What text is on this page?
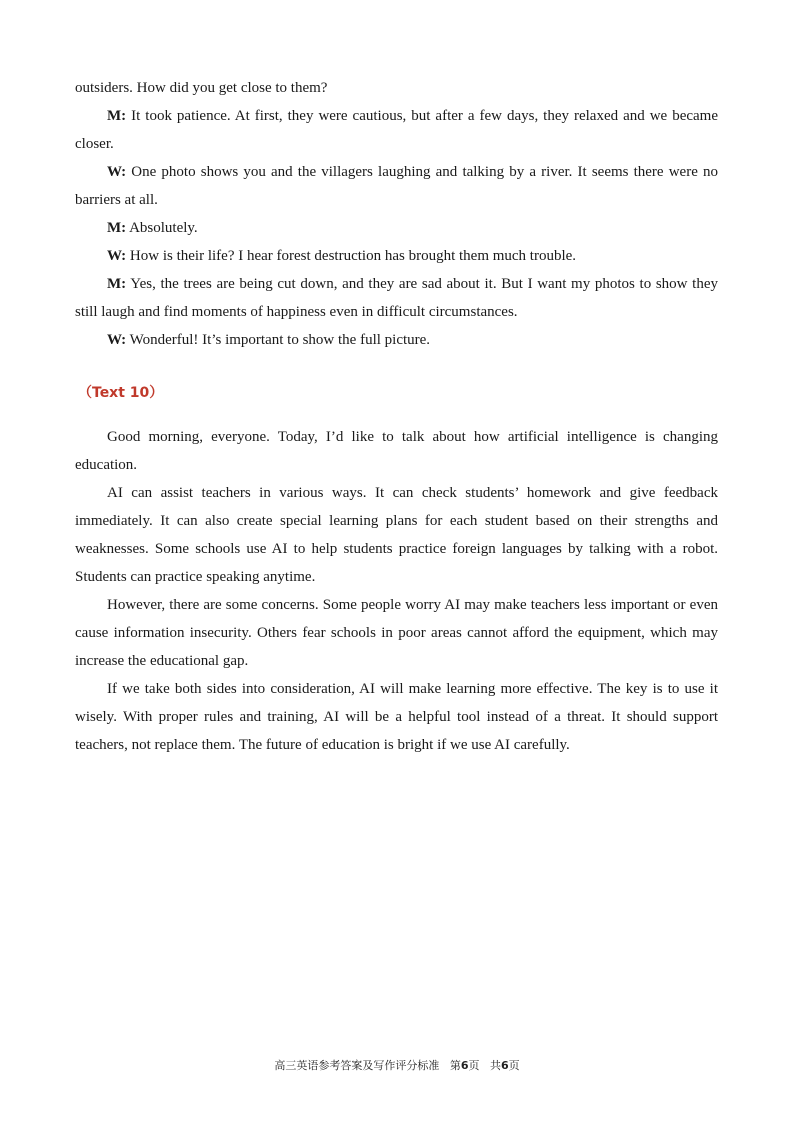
outsiders. How did you get close to them?

M: It took patience. At first, they were cautious, but after a few days, they relaxed and we became closer.

W: One photo shows you and the villagers laughing and talking by a river. It seems there were no barriers at all.

M: Absolutely.

W: How is their life? I hear forest destruction has brought them much trouble.

M: Yes, the trees are being cut down, and they are sad about it. But I want my photos to show they still laugh and find moments of happiness even in difficult circumstances.

W: Wonderful! It’s important to show the full picture.

（Text 10）

Good morning, everyone. Today, I’d like to talk about how artificial intelligence is changing education.

AI can assist teachers in various ways. It can check students’ homework and give feedback immediately. It can also create special learning plans for each student based on their strengths and weaknesses. Some schools use AI to help students practice foreign languages by talking with a robot. Students can practice speaking anytime.

However, there are some concerns. Some people worry AI may make teachers less important or even cause information insecurity. Others fear schools in poor areas cannot afford the equipment, which may increase the educational gap.

If we take both sides into consideration, AI will make learning more effective. The key is to use it wisely. With proper rules and training, AI will be a helpful tool instead of a threat. It should support teachers, not replace them. The future of education is bright if we use AI carefully.

高三英语参考答案及写作评分标准 第6页 共6页
